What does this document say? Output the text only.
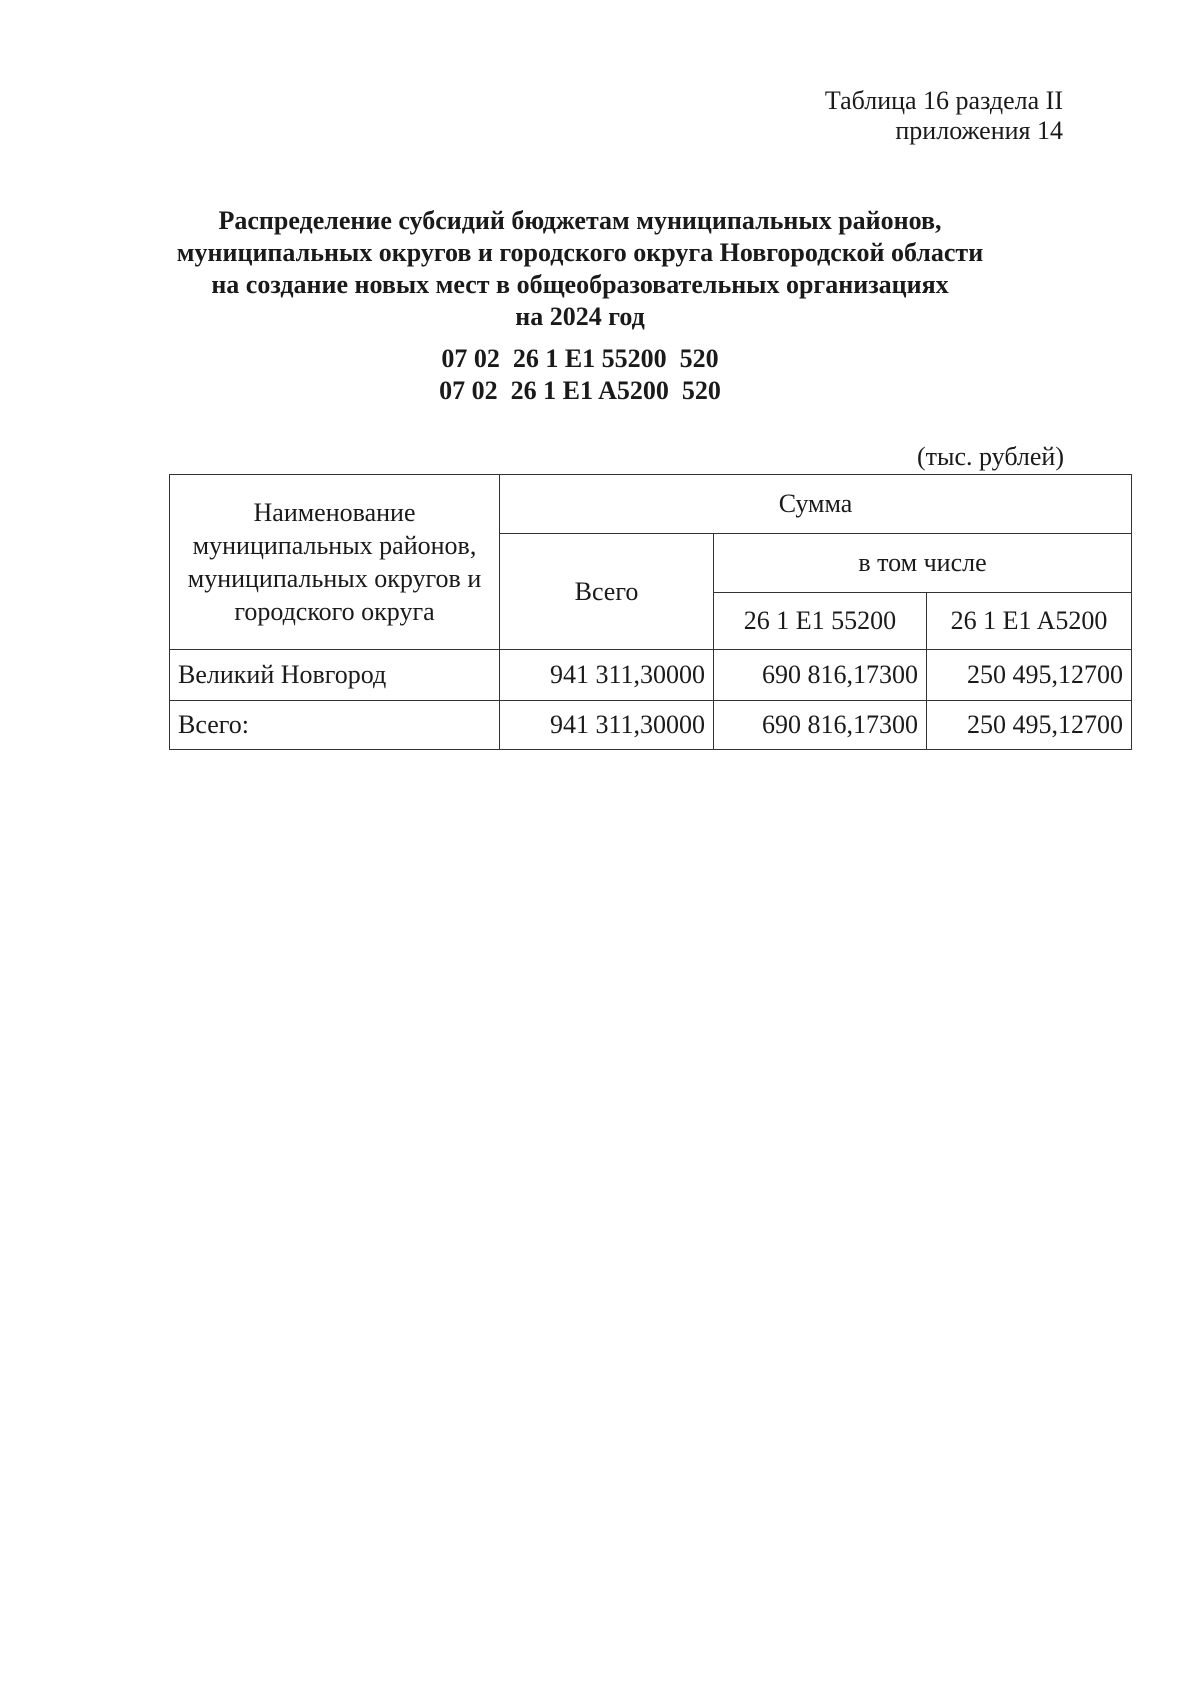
Таблица 16 раздела II
приложения 14
Распределение субсидий бюджетам муниципальных районов,
муниципальных округов и городского округа Новгородской области
на создание новых мест в общеобразовательных организациях
на 2024 год
07 02  26 1 E1 55200  520
07 02  26 1 E1 A5200  520
(тыс. рублей)
Наименование муниципальных районов, муниципальных округов и городского округа	Сумма		
	Всего	в том числе	
		26 1 E1 55200	26 1 E1 A5200
Великий Новгород	941 311,30000	690 816,17300	250 495,12700
Всего:	941 311,30000	690 816,17300	250 495,12700
